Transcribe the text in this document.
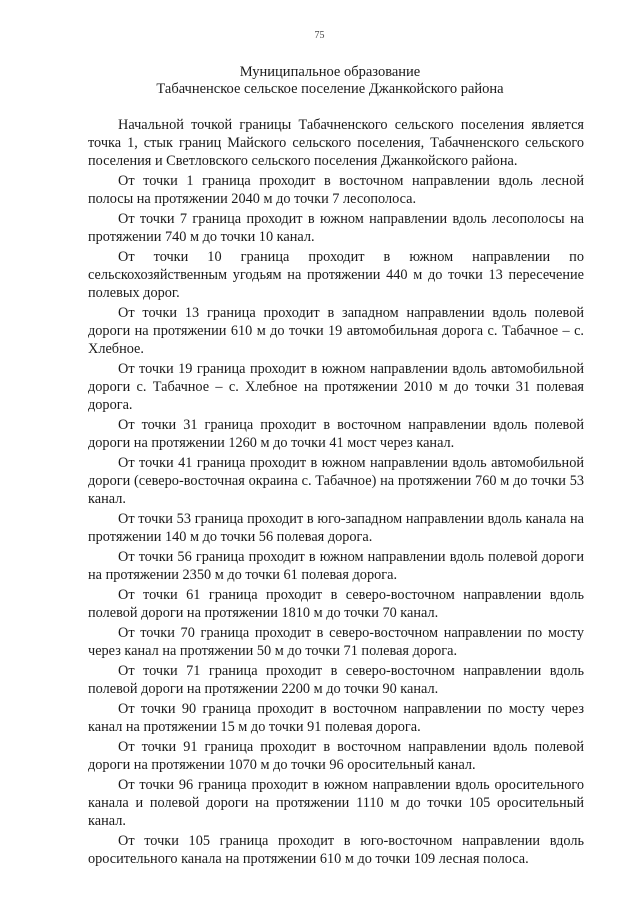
75
Муниципальное образование
Табачненское сельское поселение Джанкойского района

Начальной точкой границы Табачненского сельского поселения является точка 1, стык границ Майского сельского поселения, Табачненского сельского поселения и Светловского сельского поселения Джанкойского района.

От точки 1 граница проходит в восточном направлении вдоль лесной полосы на протяжении 2040 м до точки 7 лесополоса.

От точки 7 граница проходит в южном направлении вдоль лесополосы на протяжении 740 м до точки 10 канал.

От точки 10 граница проходит в южном направлении по сельскохозяйственным угодьям на протяжении 440 м до точки 13 пересечение полевых дорог.

От точки 13 граница проходит в западном направлении вдоль полевой дороги на протяжении 610 м до точки 19 автомобильная дорога с. Табачное – с. Хлебное.

От точки 19 граница проходит в южном направлении вдоль автомобильной дороги с. Табачное – с. Хлебное на протяжении 2010 м до точки 31 полевая дорога.

От точки 31 граница проходит в восточном направлении вдоль полевой дороги на протяжении 1260 м до точки 41 мост через канал.

От точки 41 граница проходит в южном направлении вдоль автомобильной дороги (северо-восточная окраина с. Табачное) на протяжении 760 м до точки 53 канал.

От точки 53 граница проходит в юго-западном направлении вдоль канала на протяжении 140 м до точки 56 полевая дорога.

От точки 56 граница проходит в южном направлении вдоль полевой дороги на протяжении 2350 м до точки 61 полевая дорога.

От точки 61 граница проходит в северо-восточном направлении вдоль полевой дороги на протяжении 1810 м до точки 70 канал.

От точки 70 граница проходит в северо-восточном направлении по мосту через канал на протяжении 50 м до точки 71 полевая дорога.

От точки 71 граница проходит в северо-восточном направлении вдоль полевой дороги на протяжении 2200 м до точки 90 канал.

От точки 90 граница проходит в восточном направлении по мосту через канал на протяжении 15 м до точки 91 полевая дорога.

От точки 91 граница проходит в восточном направлении вдоль полевой дороги на протяжении 1070 м до точки 96 оросительный канал.

От точки 96 граница проходит в южном направлении вдоль оросительного канала и полевой дороги на протяжении 1110 м до точки 105 оросительный канал.

От точки 105 граница проходит в юго-восточном направлении вдоль оросительного канала на протяжении 610 м до точки 109 лесная полоса.
